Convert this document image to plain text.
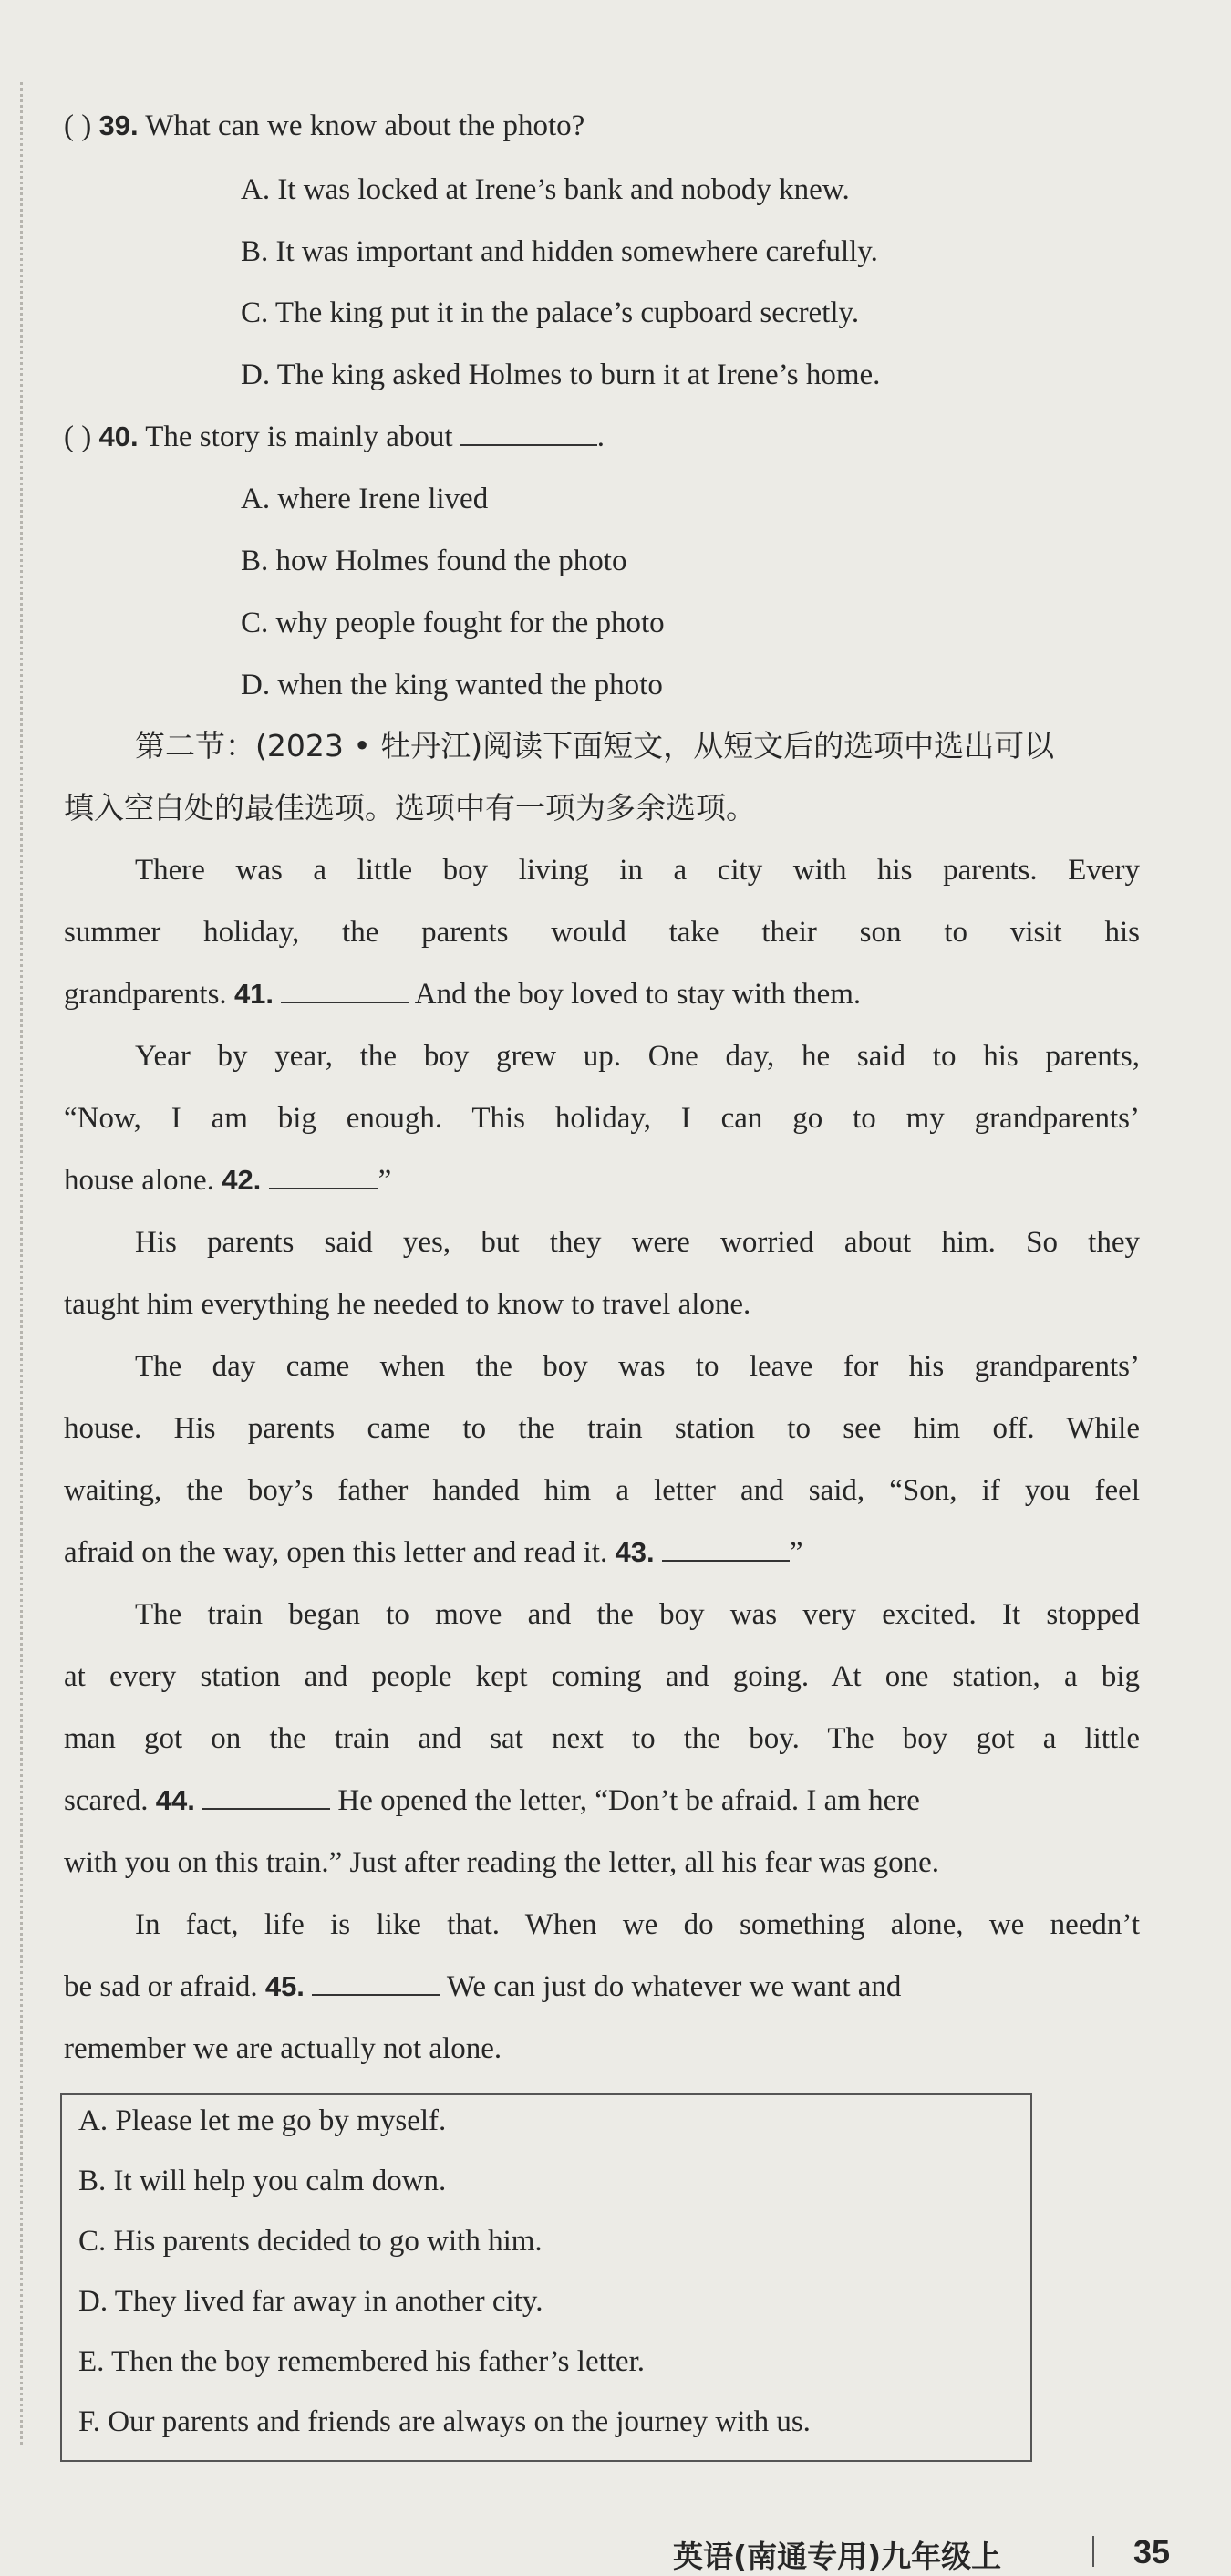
( ) 39. What can we know about the photo?
A. It was locked at Irene’s bank and nobody knew.
B. It was important and hidden somewhere carefully.
C. The king put it in the palace’s cupboard secretly.
D. The king asked Holmes to burn it at Irene’s home.
( ) 40. The story is mainly about	.
A. where Irene lived
B. how Holmes found the photo
C. why people fought for the photo
D. when the king wanted the photo
第二节：(2023 • 牡丹江)阅读下面短文，从短文后的选项中选出可以
填入空白处的最佳选项。选项中有一项为多余选项。
There was a little boy living in a city with his parents. Every
summer holiday, the parents would take their son to visit his
grandparents. 41.	And the boy loved to stay with them.
Year by year, the boy grew up. One day, he said to his parents,
“Now, I am big enough. This holiday, I can go to my grandparents’
house alone. 42.	”
His parents said yes, but they were worried about him. So they
taught him everything he needed to know to travel alone.
The day came when the boy was to leave for his grandparents’
house. His parents came to the train station to see him off. While
waiting, the boy’s father handed him a letter and said, “Son, if you feel
afraid on the way, open this letter and read it. 43.	”
The train began to move and the boy was very excited. It stopped
at every station and people kept coming and going. At one station, a big
man got on the train and sat next to the boy. The boy got a little
scared. 44.	He opened the letter, “Don’t be afraid. I am here
with you on this train.” Just after reading the letter, all his fear was gone.
In fact, life is like that. When we do something alone, we needn’t
be sad or afraid. 45.	We can just do whatever we want and
remember we are actually not alone.
A. Please let me go by myself.
B. It will help you calm down.
C. His parents decided to go with him.
D. They lived far away in another city.
E. Then the boy remembered his father’s letter.
F. Our parents and friends are always on the journey with us.
英语(南通专用)九年级上	35
